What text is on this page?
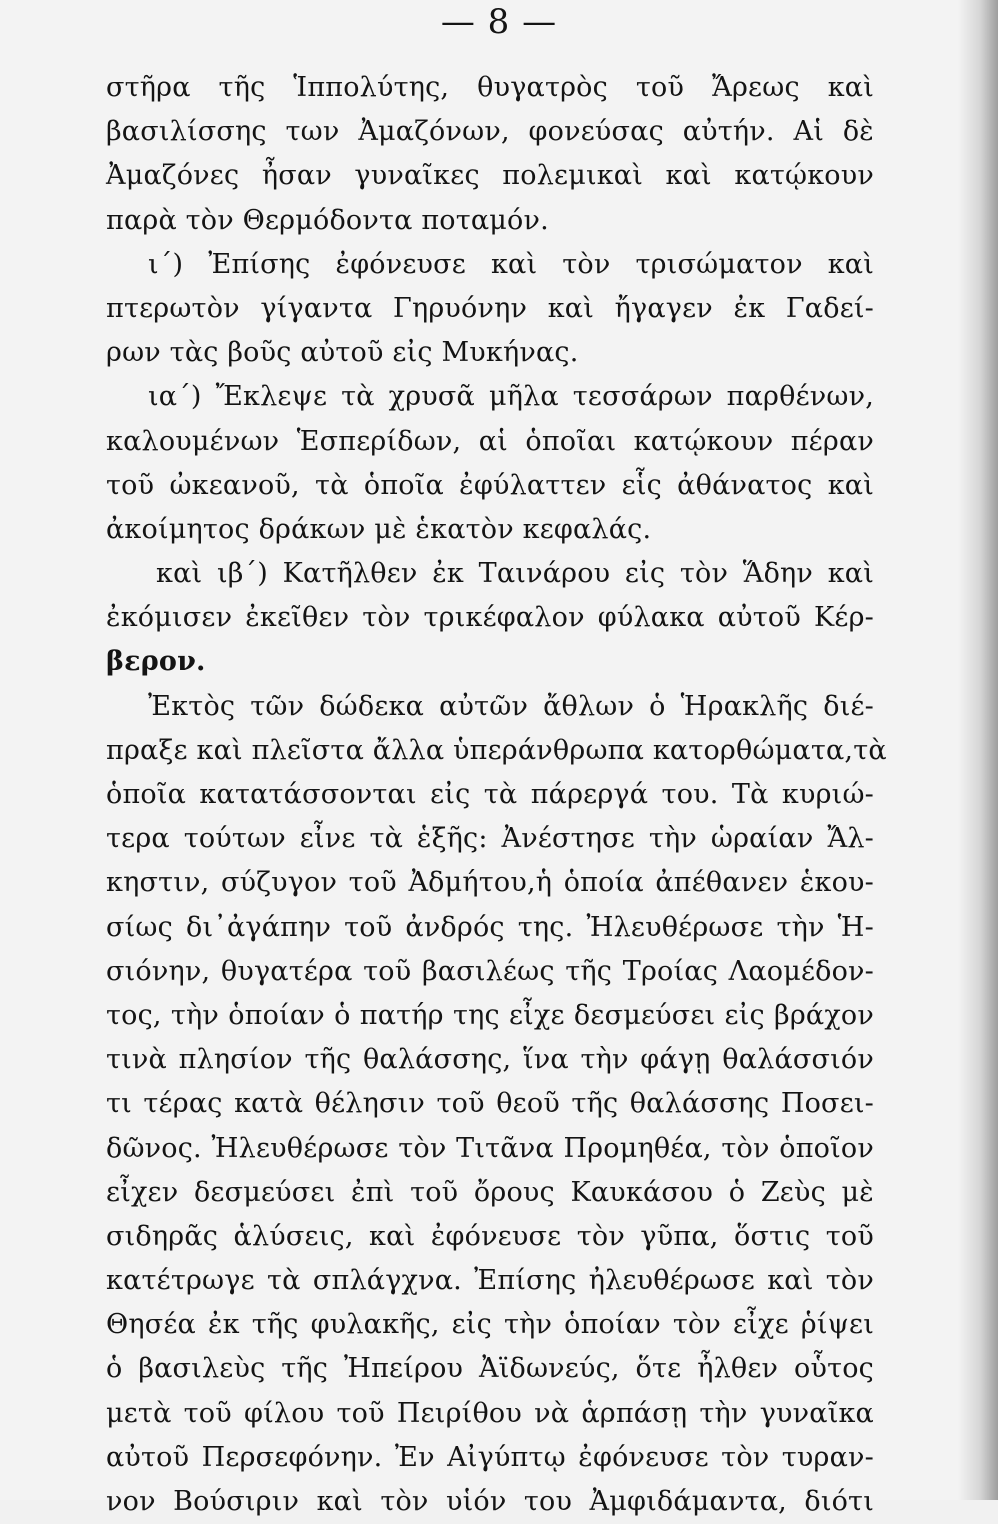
— 8 —
στῆρα τῆς Ἱππολύτης, θυγατρὸς τοῦ Ἄρεως καὶ
βασιλίσσης των Ἀμαζόνων, φονεύσας αὐτήν. Αἱ δὲ
Ἀμαζόνες ἦσαν γυναῖκες πολεμικαὶ καὶ κατῴκουν
παρὰ τὸν Θερμόδοντα ποταμόν.
ι΄) Ἐπίσης ἐφόνευσε καὶ τὸν τρισώματον καὶ
πτερωτὸν γίγαντα Γηρυόνην καὶ ἤγαγεν ἐκ Γαδεί-
ρων τὰς βοῦς αὐτοῦ εἰς Μυκήνας.
ια΄) Ἔκλεψε τὰ χρυσᾶ μῆλα τεσσάρων παρθένων,
καλουμένων Ἑσπερίδων, αἱ ὁποῖαι κατῴκουν πέραν
τοῦ ὠκεανοῦ, τὰ ὁποῖα ἐφύλαττεν εἷς ἀθάνατος καὶ
ἀκοίμητος δράκων μὲ ἑκατὸν κεφαλάς.
καὶ ιβ΄) Κατῆλθεν ἐκ Ταινάρου εἰς τὸν Ἅδην καὶ
ἐκόμισεν ἐκεῖθεν τὸν τρικέφαλον φύλακα αὐτοῦ Κέρ-
βερον.
Ἐκτὸς τῶν δώδεκα αὐτῶν ἄθλων ὁ Ἡρακλῆς διέ-
πραξε καὶ πλεῖστα ἄλλα ὑπεράνθρωπα κατορθώματα,τὰ
ὁποῖα κατατάσσονται εἰς τὰ πάρεργά του. Τὰ κυριώ-
τερα τούτων εἶνε τὰ ἑξῆς: Ἀνέστησε τὴν ὡραίαν Ἄλ-
κηστιν, σύζυγον τοῦ Ἀδμήτου,ἡ ὁποία ἀπέθανεν ἑκου-
σίως δι᾽ἀγάπην τοῦ ἀνδρός της. Ἠλευθέρωσε τὴν Ἡ-
σιόνην, θυγατέρα τοῦ βασιλέως τῆς Τροίας Λαομέδον-
τος, τὴν ὁποίαν ὁ πατήρ της εἶχε δεσμεύσει εἰς βράχον
τινὰ πλησίον τῆς θαλάσσης, ἵνα τὴν φάγῃ θαλάσσιόν
τι τέρας κατὰ θέλησιν τοῦ θεοῦ τῆς θαλάσσης Ποσει-
δῶνος. Ἠλευθέρωσε τὸν Τιτᾶνα Προμηθέα, τὸν ὁποῖον
εἶχεν δεσμεύσει ἐπὶ τοῦ ὄρους Καυκάσου ὁ Ζεὺς μὲ
σιδηρᾶς ἁλύσεις, καὶ ἐφόνευσε τὸν γῦπα, ὅστις τοῦ
κατέτρωγε τὰ σπλάγχνα. Ἐπίσης ἠλευθέρωσε καὶ τὸν
Θησέα ἐκ τῆς φυλακῆς, εἰς τὴν ὁποίαν τὸν εἶχε ῥίψει
ὁ βασιλεὺς τῆς Ἠπείρου Ἀϊδωνεύς, ὅτε ἦλθεν οὗτος
μετὰ τοῦ φίλου τοῦ Πειρίθου νὰ ἁρπάσῃ τὴν γυναῖκα
αὐτοῦ Περσεφόνην. Ἐν Αἰγύπτῳ ἐφόνευσε τὸν τυραν-
νον Βούσιριν καὶ τὸν υἱόν του Ἀμφιδάμαντα, διότι
